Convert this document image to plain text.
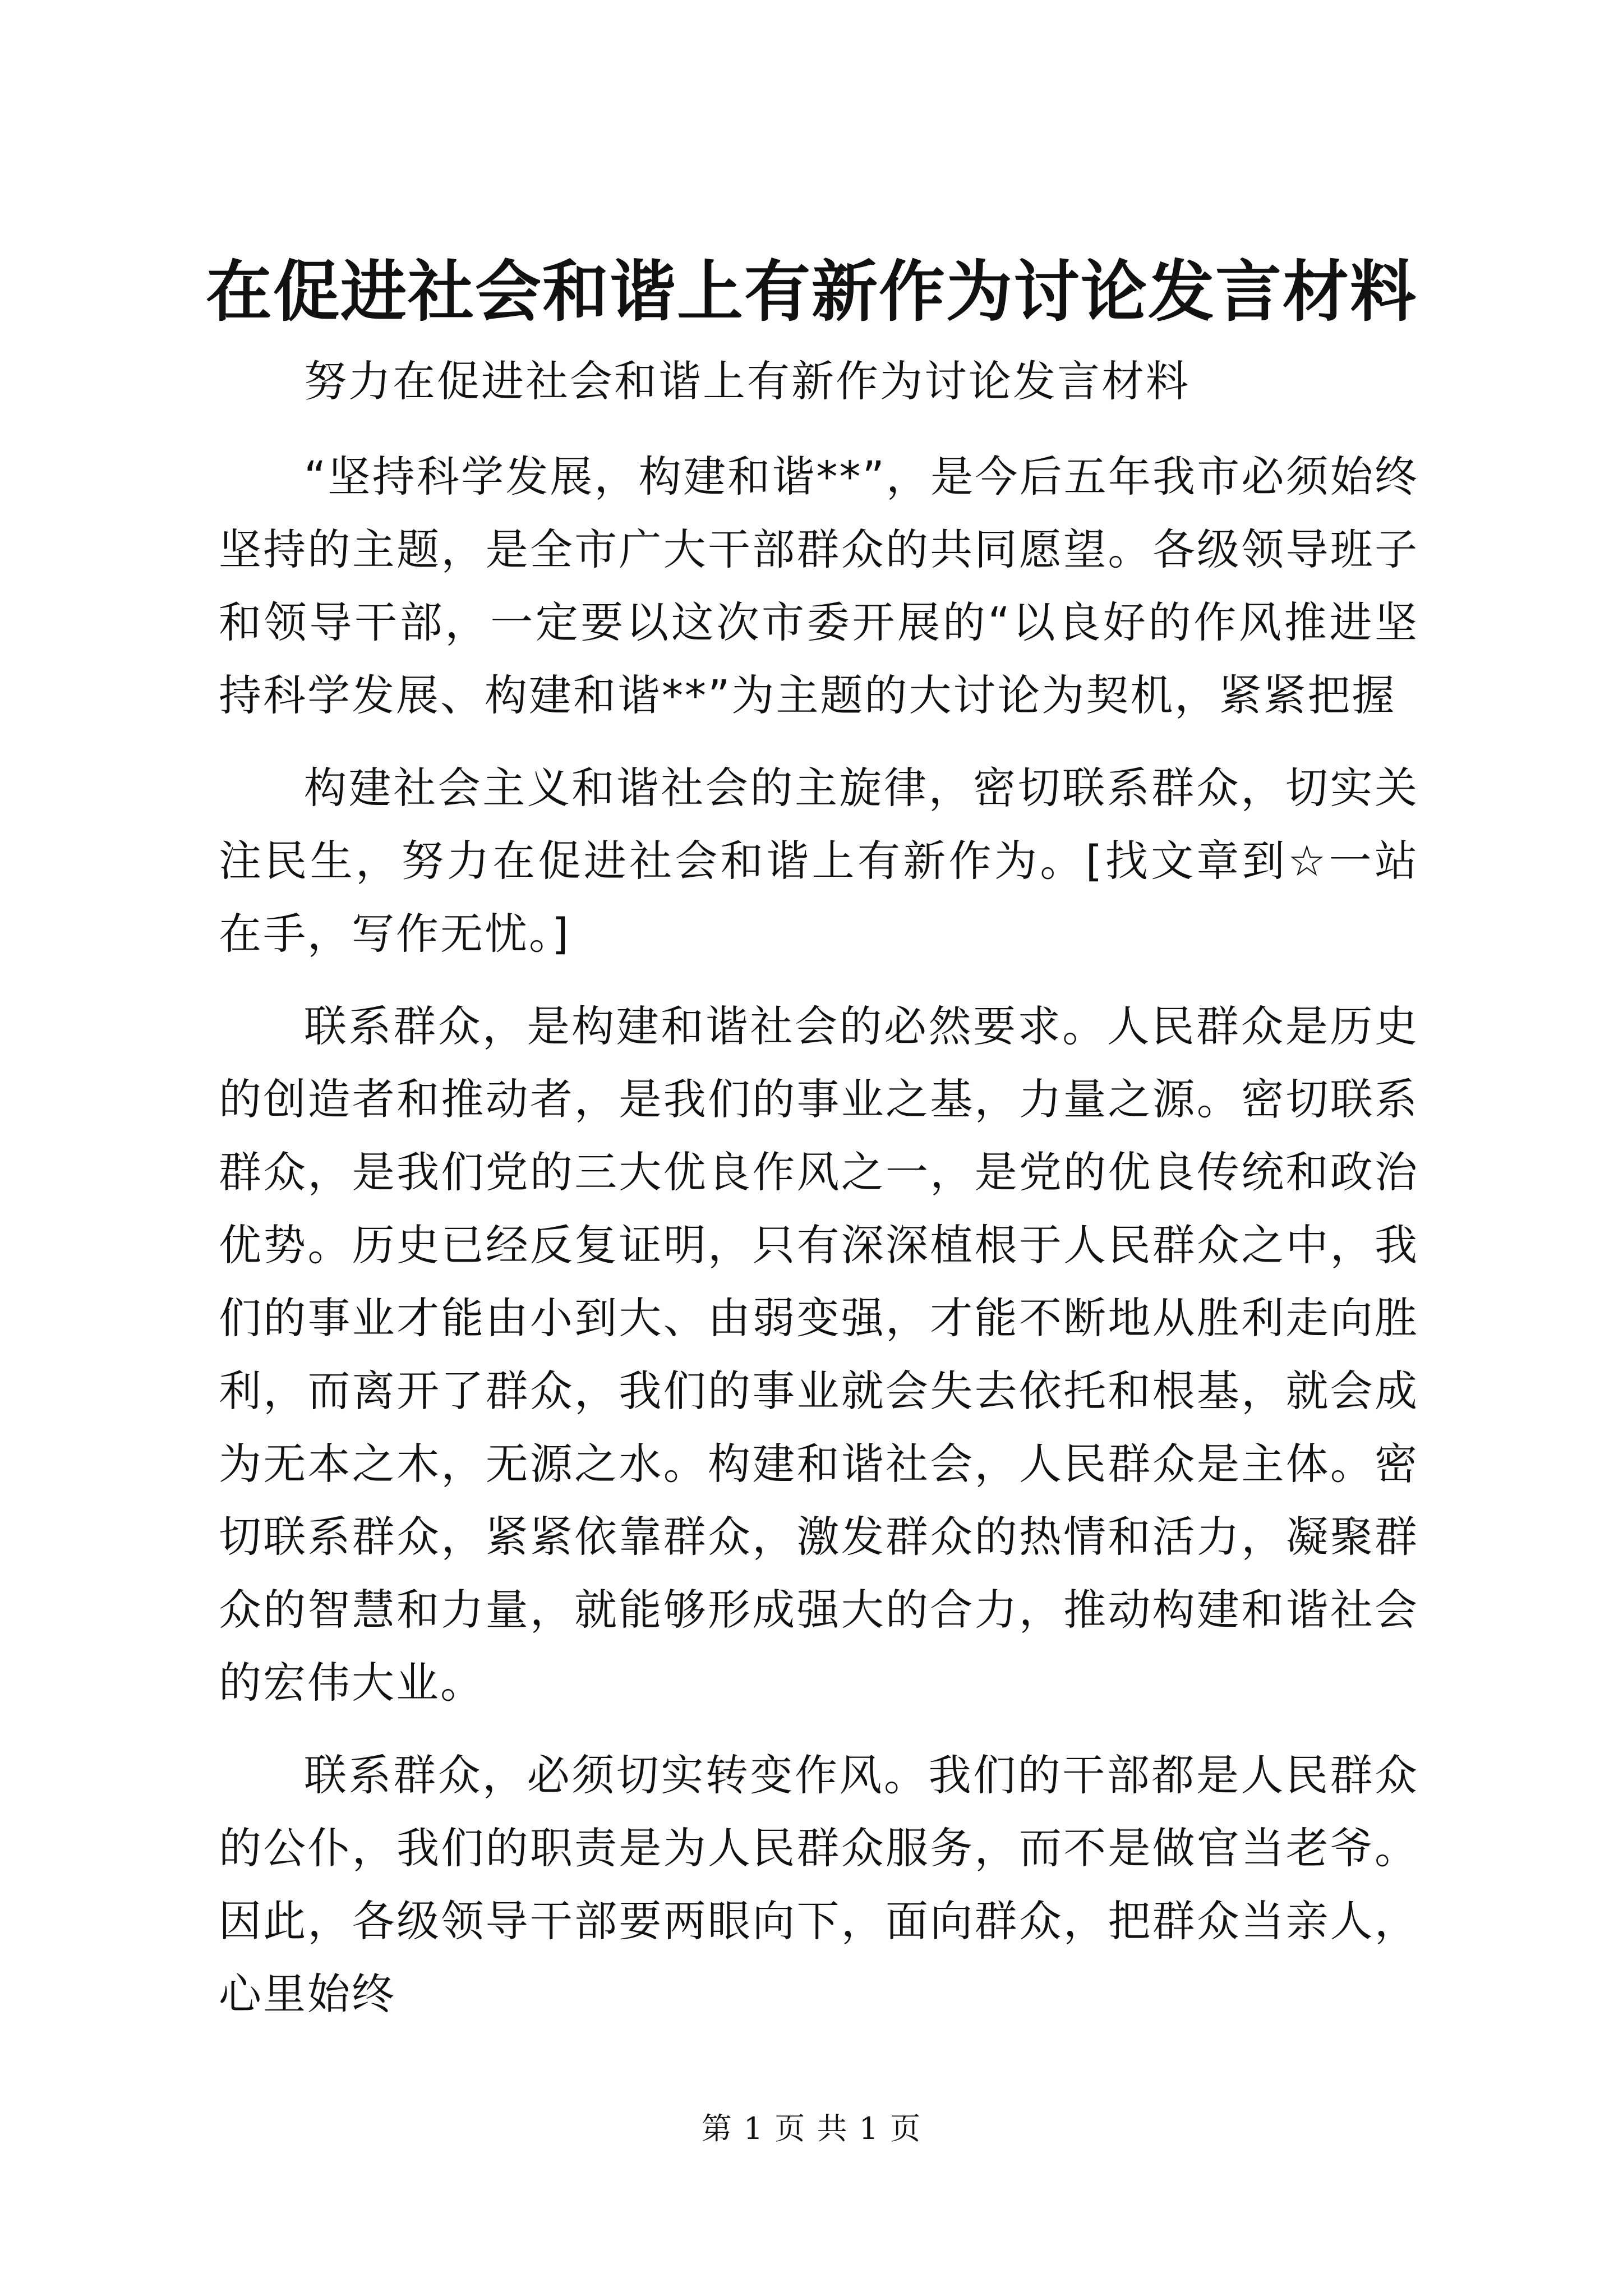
在促进社会和谐上有新作为讨论发言材料

努力在促进社会和谐上有新作为讨论发言材料

“坚持科学发展，构建和谐**”，是今后五年我市必须始终坚持的主题，是全市广大干部群众的共同愿望。各级领导班子和领导干部，一定要以这次市委开展的“以良好的作风推进坚持科学发展、构建和谐**”为主题的大讨论为契机，紧紧把握

构建社会主义和谐社会的主旋律，密切联系群众，切实关注民生，努力在促进社会和谐上有新作为。[找文章到☆一站在手，写作无忧。]

联系群众，是构建和谐社会的必然要求。人民群众是历史的创造者和推动者，是我们的事业之基，力量之源。密切联系群众，是我们党的三大优良作风之一，是党的优良传统和政治优势。历史已经反复证明，只有深深植根于人民群众之中，我们的事业才能由小到大、由弱变强，才能不断地从胜利走向胜利，而离开了群众，我们的事业就会失去依托和根基，就会成为无本之木，无源之水。构建和谐社会，人民群众是主体。密切联系群众，紧紧依靠群众，激发群众的热情和活力，凝聚群众的智慧和力量，就能够形成强大的合力，推动构建和谐社会的宏伟大业。

联系群众，必须切实转变作风。我们的干部都是人民群众的公仆，我们的职责是为人民群众服务，而不是做官当老爷。因此，各级领导干部要两眼向下，面向群众，把群众当亲人，心里始终

第 1 页 共 1 页
